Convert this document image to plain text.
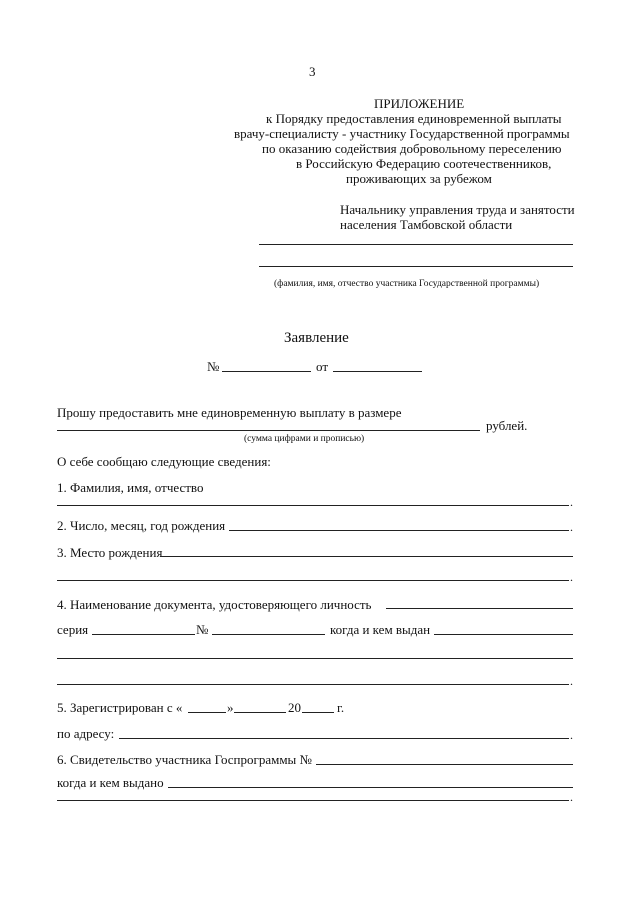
3
ПРИЛОЖЕНИЕ
к Порядку предоставления единовременной выплаты
врачу-специалисту - участнику Государственной программы
по оказанию содействия добровольному переселению
в Российскую Федерацию соотечественников,
проживающих за рубежом
Начальнику управления труда и занятости
населения Тамбовской области
(фамилия, имя, отчество участника Государственной программы)
Заявление
№	от
Прошу предоставить мне единовременную выплату в размере
рублей.
(сумма цифрами и прописью)
О себе сообщаю следующие сведения:
1. Фамилия, имя, отчество
.
2. Число, месяц, год рождения	.
3. Место рождения
.
4. Наименование документа, удостоверяющего личность
серия	№	когда и кем выдан
.
5. Зарегистрирован с «	»	20	г.
по адресу:	.
6. Свидетельство участника Госпрограммы №
когда и кем выдано
.
